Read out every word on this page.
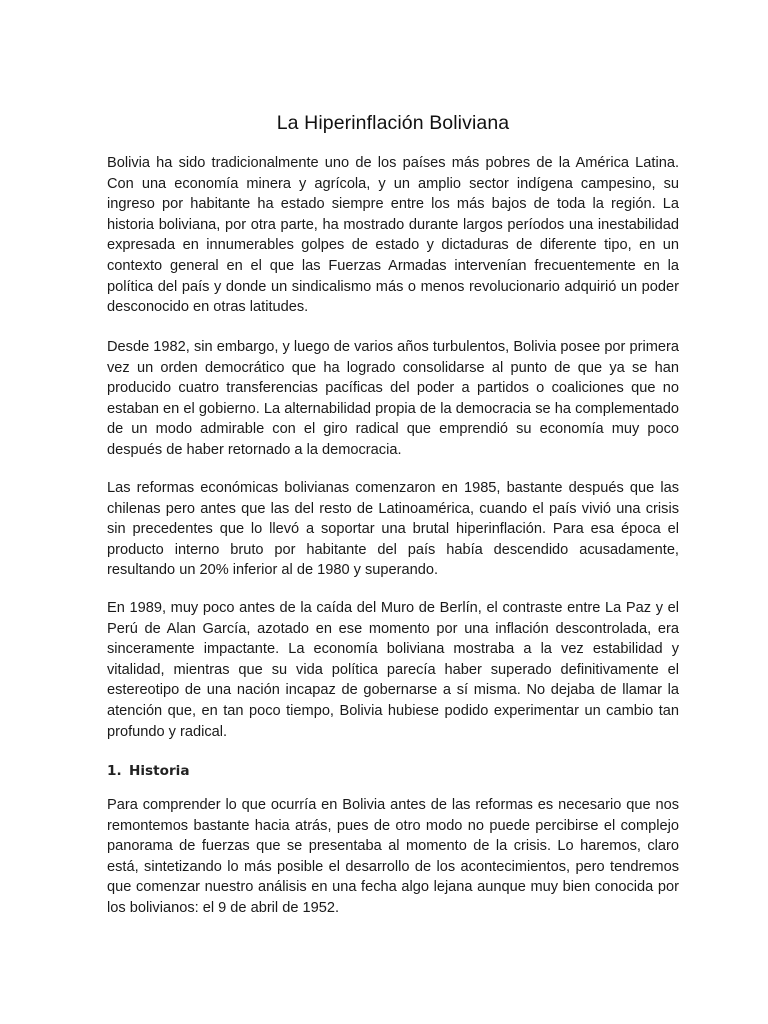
La Hiperinflación Boliviana

Bolivia ha sido tradicionalmente uno de los países más pobres de la América Latina. Con una economía minera y agrícola, y un amplio sector indígena campesino, su ingreso por habitante ha estado siempre entre los más bajos de toda la región. La historia boliviana, por otra parte, ha mostrado durante largos períodos una inestabilidad expresada en innumerables golpes de estado y dictaduras de diferente tipo, en un contexto general en el que las Fuerzas Armadas intervenían frecuentemente en la política del país y donde un sindicalismo más o menos revolucionario adquirió un poder desconocido en otras latitudes.

Desde 1982, sin embargo, y luego de varios años turbulentos, Bolivia posee por primera vez un orden democrático que ha logrado consolidarse al punto de que ya se han producido cuatro transferencias pacíficas del poder a partidos o coaliciones que no estaban en el gobierno. La alternabilidad propia de la democracia se ha complementado de un modo admirable con el giro radical que emprendió su economía muy poco después de haber retornado a la democracia.

Las reformas económicas bolivianas comenzaron en 1985, bastante después que las chilenas pero antes que las del resto de Latinoamérica, cuando el país vivió una crisis sin precedentes que lo llevó a soportar una brutal hiperinflación. Para esa época el producto interno bruto por habitante del país había descendido acusadamente, resultando un 20% inferior al de 1980 y superando.

En 1989, muy poco antes de la caída del Muro de Berlín, el contraste entre La Paz y el Perú de Alan García, azotado en ese momento por una inflación descontrolada, era sinceramente impactante. La economía boliviana mostraba a la vez estabilidad y vitalidad, mientras que su vida política parecía haber superado definitivamente el estereotipo de una nación incapaz de gobernarse a sí misma. No dejaba de llamar la atención que, en tan poco tiempo, Bolivia hubiese podido experimentar un cambio tan profundo y radical.

1. Historia

Para comprender lo que ocurría en Bolivia antes de las reformas es necesario que nos remontemos bastante hacia atrás, pues de otro modo no puede percibirse el complejo panorama de fuerzas que se presentaba al momento de la crisis. Lo haremos, claro está, sintetizando lo más posible el desarrollo de los acontecimientos, pero tendremos que comenzar nuestro análisis en una fecha algo lejana aunque muy bien conocida por los bolivianos: el 9 de abril de 1952.
